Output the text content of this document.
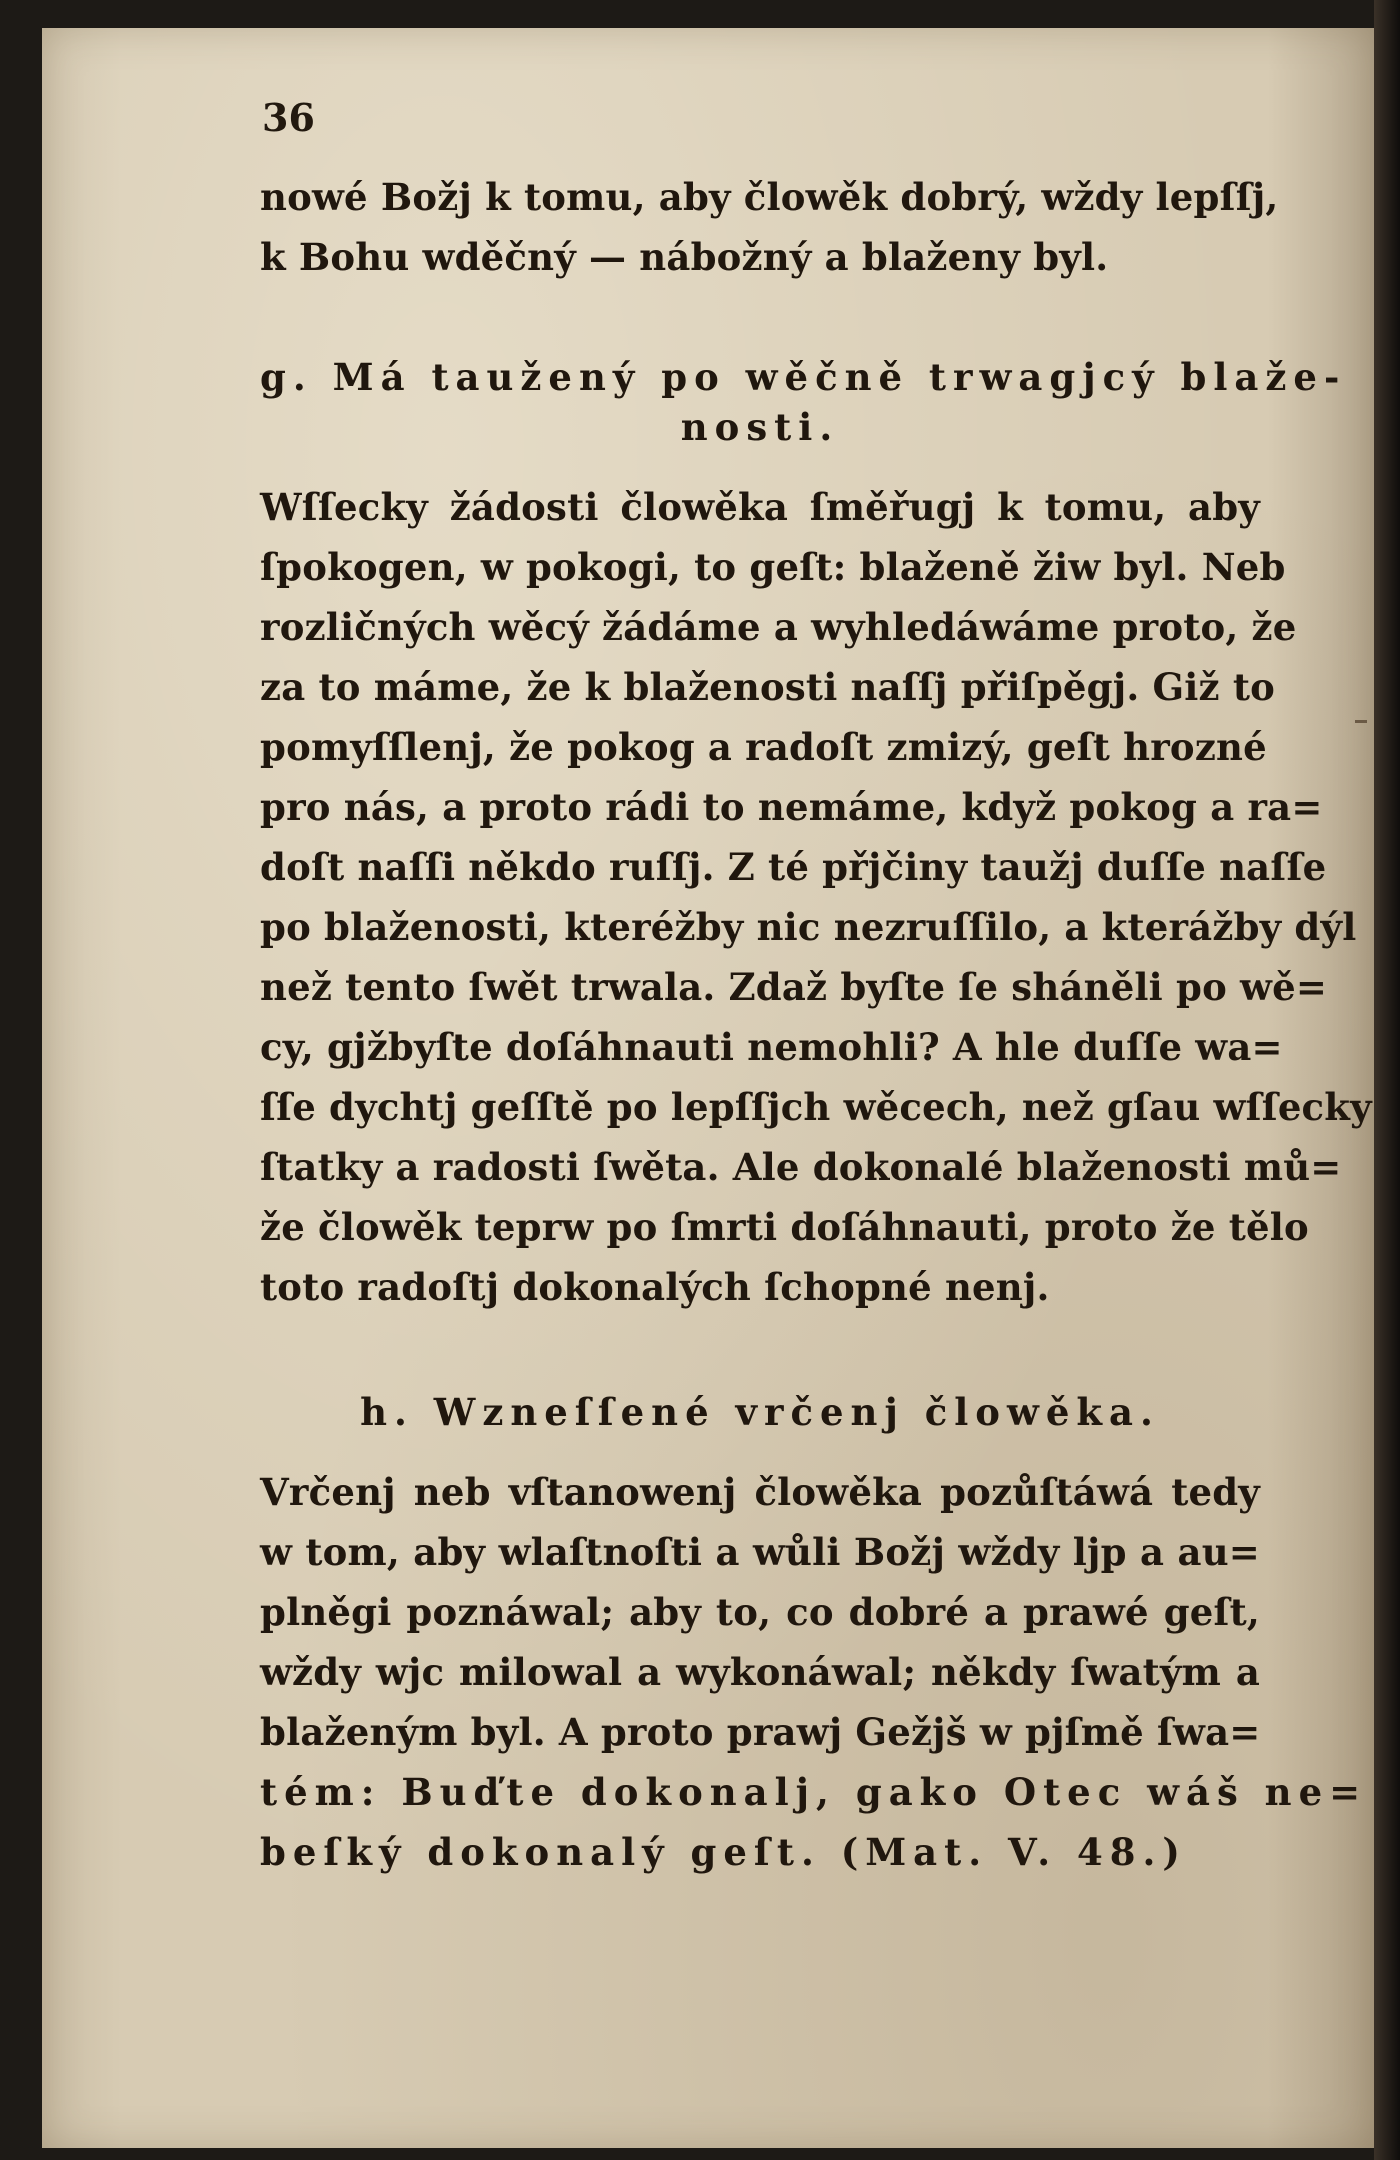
36
nowé Božj k tomu, aby člowěk dobrý, wždy lepſſj,
k Bohu wděčný — nábožný a blaženy byl.
g. Má taužený po wěčně trwagjcý blaže-
nosti.
Wſſecky žádosti člowěka ſměřugj k tomu, aby
ſpokogen, w pokogi, to geſt: blaženě žiw byl. Neb
rozličných wěcý žádáme a wyhledáwáme proto, že
za to máme, že k blaženosti naſſj přiſpěgj. Giž to
pomyſſlenj, že pokog a radoſt zmizý, geſt hrozné
pro nás, a proto rádi to nemáme, když pokog a ra=
doſt naſſi někdo ruſſj. Z té přjčiny taužj duſſe naſſe
po blaženosti, kteréžby nic nezruſſilo, a kterážby dýl
než tento ſwět trwala. Zdaž byſte ſe sháněli po wě=
cy, gjžbyſte doſáhnauti nemohli? A hle duſſe wa=
ſſe dychtj geſſtě po lepſſjch wěcech, než gſau wſſecky
ſtatky a radosti ſwěta. Ale dokonalé blaženosti mů=
že člowěk teprw po ſmrti doſáhnauti, proto že tělo
toto radoſtj dokonalých ſchopné nenj.
h. Wzneſſené vrčenj člowěka.
Vrčenj neb vſtanowenj člowěka pozůſtáwá tedy
w tom, aby wlaſtnoſti a wůli Božj wždy ljp a au=
plněgi poznáwal; aby to, co dobré a prawé geſt,
wždy wjc milowal a wykonáwal; někdy ſwatým a
blaženým byl. A proto prawj Gežjš w pjſmě ſwa=
tém: Buďte dokonalj, gako Otec wáš ne=
beſký dokonalý geſt. (Mat. V. 48.)
